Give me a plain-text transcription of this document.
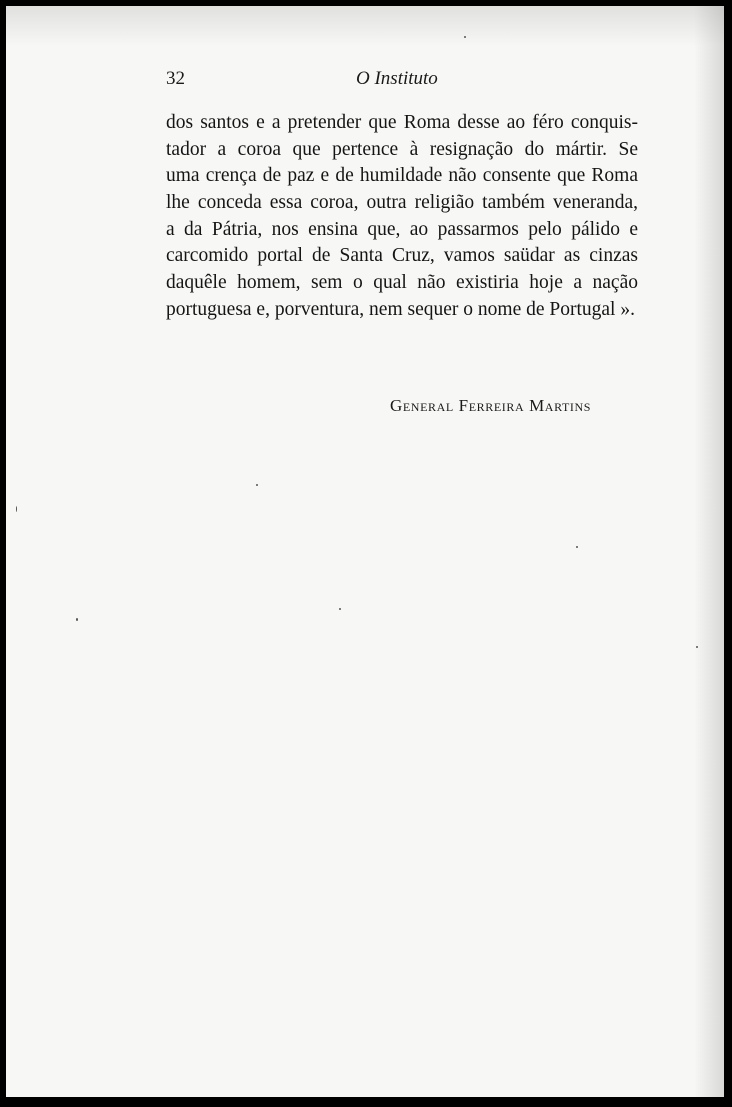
32	O Instituto
dos santos e a pretender que Roma desse ao féro conquis-
tador a coroa que pertence à resignação do mártir. Se
uma crença de paz e de humildade não consente que Roma
lhe conceda essa coroa, outra religião também veneranda,
a da Pátria, nos ensina que, ao passarmos pelo pálido e
carcomido portal de Santa Cruz, vamos saüdar as cinzas
daquêle homem, sem o qual não existiria hoje a nação
portuguesa e, porventura, nem sequer o nome de Portugal ».
General Ferreira Martins
